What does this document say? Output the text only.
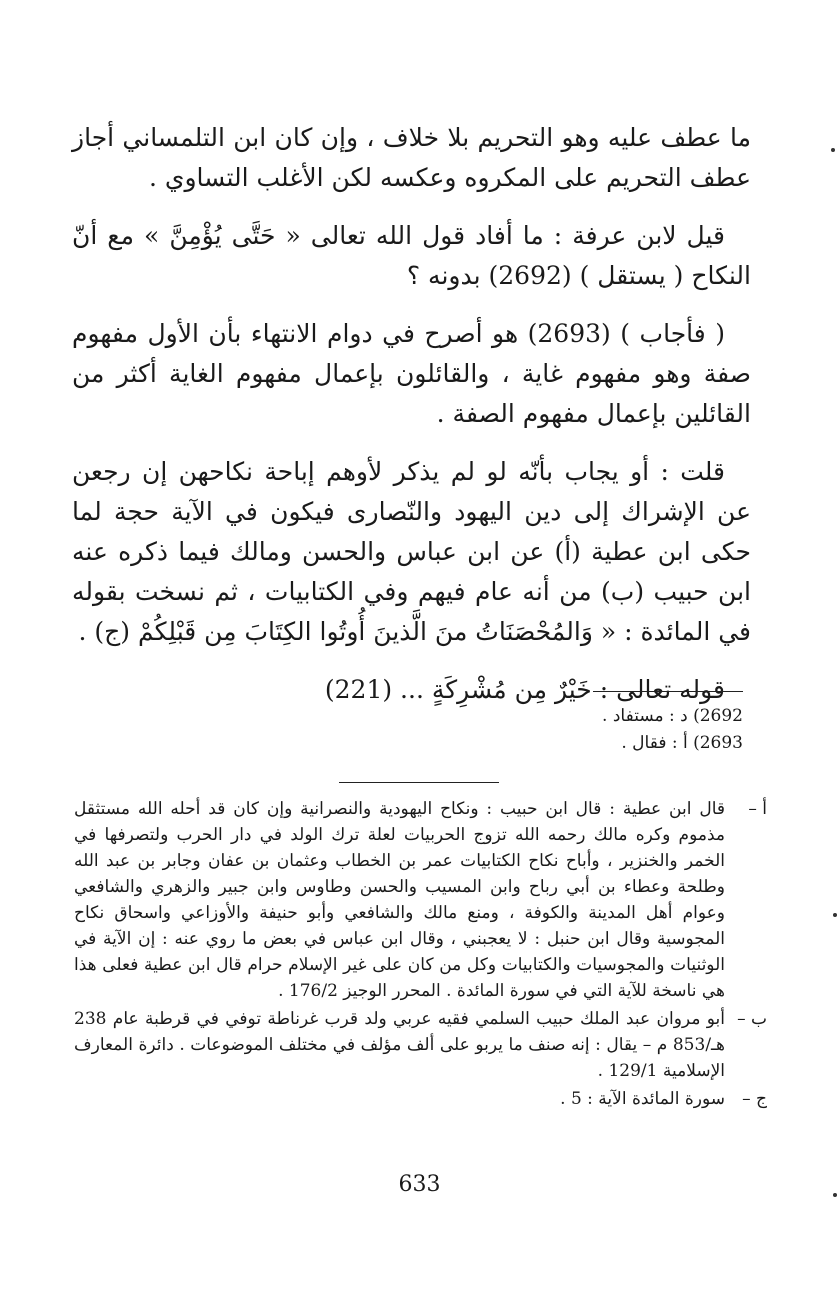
ما عطف عليه وهو التحريم بلا خلاف ، وإن كان ابن التلمساني أجاز عطف التحريم على المكروه وعكسه لكن الأغلب التساوي .

قيل لابن عرفة : ما أفاد قول الله تعالى « حَتَّى يُؤْمِنَّ » مع أنّ النكاح ( يستقل ) (2692) بدونه ؟

( فأجاب ) (2693) هو أصرح في دوام الانتهاء بأن الأول مفهوم صفة وهو مفهوم غاية ، والقائلون بإعمال مفهوم الغاية أكثر من القائلين بإعمال مفهوم الصفة .

قلت : أو يجاب بأنّه لو لم يذكر لأوهم إباحة نكاحهن إن رجعن عن الإشراك إلى دين اليهود والنّصارى فيكون في الآية حجة لما حكى ابن عطية (أ) عن ابن عباس والحسن ومالك فيما ذكره عنه ابن حبيب (ب) من أنه عام فيهم وفي الكتابيات ، ثم نسخت بقوله في المائدة : « وَالمُحْصَنَاتُ منَ الَّذينَ أُوتُوا الكِتَابَ مِن قَبْلِكُمْ (ج) .

قوله تعالى : خَيْرٌ مِن مُشْرِكَةٍ ... (221)

2692) د : مستفاد .
2693) أ : فقال .
أ –
قال ابن عطية : قال ابن حبيب : ونكاح اليهودية والنصرانية وإن كان قد أحله الله مستثقل مذموم وكره مالك رحمه الله تزوج الحربيات لعلة ترك الولد في دار الحرب ولتصرفها في الخمر والخنزير ، وأباح نكاح الكتابيات عمر بن الخطاب وعثمان بن عفان وجابر بن عبد الله وطلحة وعطاء بن أبي رباح وابن المسيب والحسن وطاوس وابن جبير والزهري والشافعي وعوام أهل المدينة والكوفة ، ومنع مالك والشافعي وأبو حنيفة والأوزاعي واسحاق نكاح المجوسية وقال ابن حنبل : لا يعجبني ، وقال ابن عباس في بعض ما روي عنه : إن الآية في الوثنيات والمجوسيات والكتابيات وكل من كان على غير الإسلام حرام قال ابن عطية فعلى هذا هي ناسخة للآية التي في سورة المائدة . المحرر الوجيز 176/2 .
ب –
أبو مروان عبد الملك حبيب السلمي فقيه عربي ولد قرب غرناطة توفي في قرطبة عام 238 هـ/853 م – يقال : إنه صنف ما يربو على ألف مؤلف في مختلف الموضوعات . دائرة المعارف الإسلامية 129/1 .
ج –
سورة المائدة الآية : 5 .
633
